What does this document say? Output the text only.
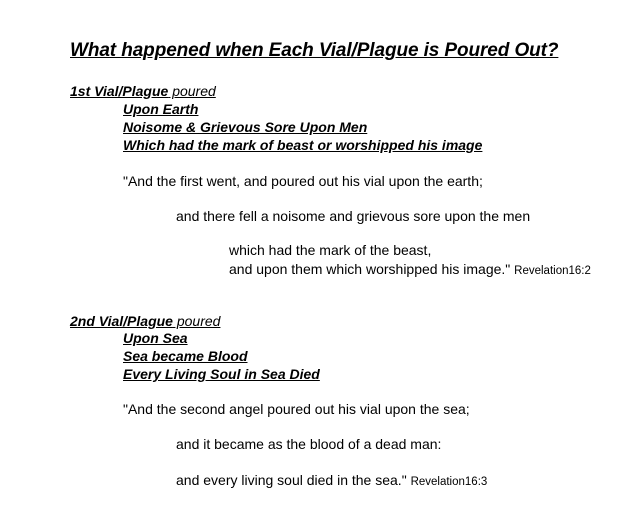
What happened when Each Vial/Plague is Poured Out?
1st Vial/Plague poured
Upon Earth
Noisome & Grievous Sore Upon Men
Which had the mark of beast or worshipped his image
"And the first went, and poured out his vial upon the earth;
and there fell a noisome and grievous sore upon the men
which had the mark of the beast,
and upon them which worshipped his image." Revelation16:2
2nd Vial/Plague poured
Upon Sea
Sea became Blood
Every Living Soul in Sea Died
"And the second angel poured out his vial upon the sea;
and it became as the blood of a dead man:
and every living soul died in the sea." Revelation16:3
